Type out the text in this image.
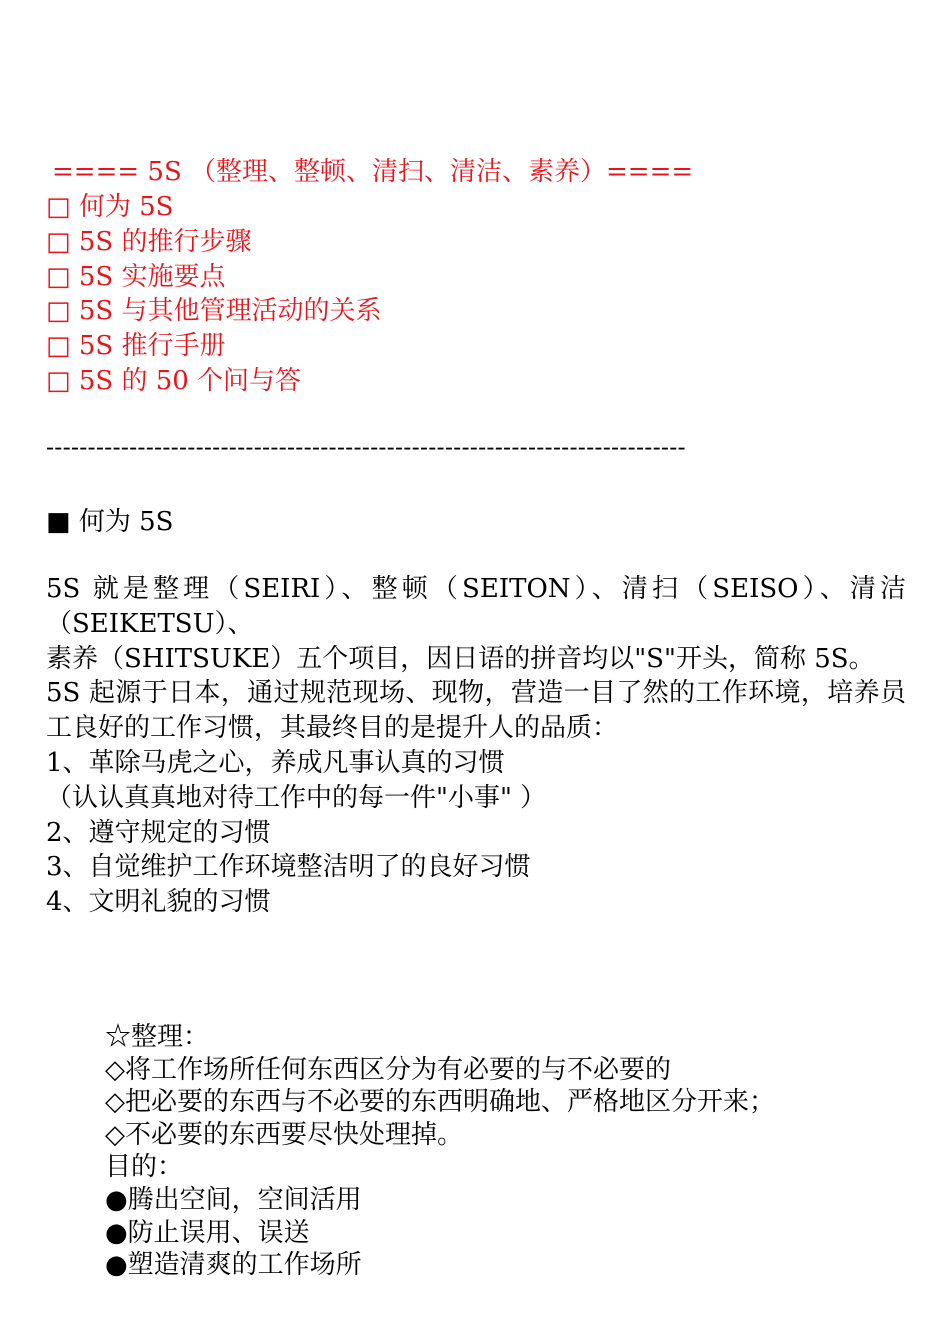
==== 5S （整理、整顿、清扫、清洁、素养）====
□ 何为 5S
□ 5S 的推行步骤
□ 5S 实施要点
□ 5S 与其他管理活动的关系
□ 5S 推行手册
□ 5S 的 50 个问与答
-----------------------------------------------------------------------------
■ 何为 5S
5S 就是整理（SEIRI）、整顿（SEITON）、清扫（SEISO）、清洁（SEIKETSU）、
素养（SHITSUKE）五个项目，因日语的拼音均以"S"开头，简称 5S。
5S 起源于日本，通过规范现场、现物，营造一目了然的工作环境，培养员工良好的工作习惯，其最终目的是提升人的品质：
1、革除马虎之心，养成凡事认真的习惯
（认认真真地对待工作中的每一件"小事" ）
2、遵守规定的习惯
3、自觉维护工作环境整洁明了的良好习惯
4、文明礼貌的习惯
☆整理：
◇将工作场所任何东西区分为有必要的与不必要的
◇把必要的东西与不必要的东西明确地、严格地区分开来；
◇不必要的东西要尽快处理掉。
目的：
●腾出空间，空间活用
●防止误用、误送
●塑造清爽的工作场所
